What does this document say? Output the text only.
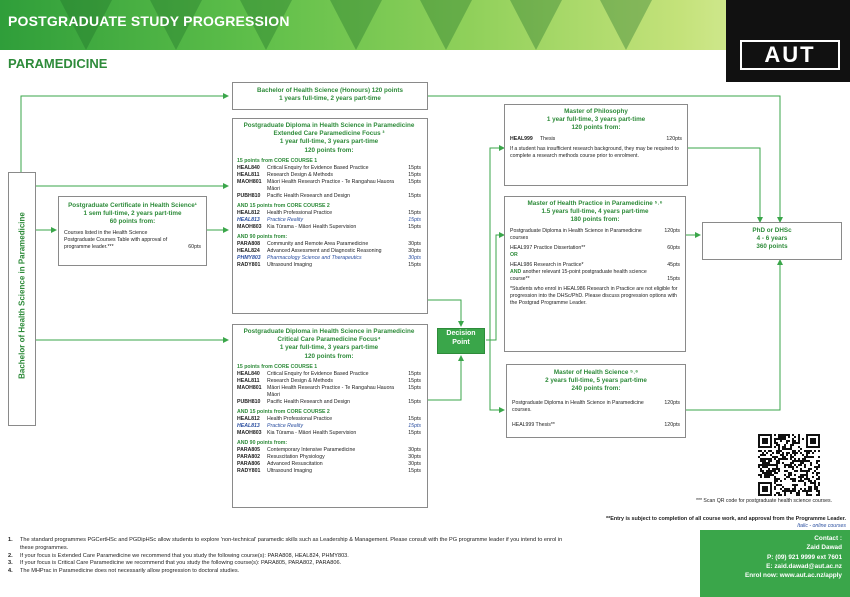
POSTGRADUATE STUDY PROGRESSION
AUT
PARAMEDICINE
Bachelor of Health Science in Paramedicine
Bachelor of Health Science (Honours) 120 points
1 years full-time, 2 years part-time
Postgraduate Certificate in Health Science¹
1 sem full-time, 2 years part-time
60 points from:
Courses listed in the Health Science Postgraduate Courses Table with approval of programme leader.***	60pts
Postgraduate Diploma in Health Science in Paramedicine
Extended Care Paramedicine Focus ³
1 year full-time, 3 years part-time
120 points from:
15 points from CORE COURSE 1
HEAL840	Critical Enquiry for Evidence Based Practice	15pts
HEAL811	Research Design & Methods	15pts
MAOH801	Māori Health Research Practice - Te Rangahau Hauora Māori
15pts
PUBH810	Pacific Health Research and Design	15pts
AND 15 points from CORE COURSE 2
HEAL812	Health Professional Practice	15pts
HEAL813	Practice Reality	15pts
MAOH803	Kia Tūrama - Māori Health Supervision	15pts
AND 90 points from:
PARA808	Community and Remote Area Paramedicine	30pts
HEAL824	Advanced Assessment and Diagnostic Reasoning	30pts
PHMY803	Pharmacology Science and Therapeutics	30pts
RADY801	Ultrasound Imaging	15pts
Postgraduate Diploma in Health Science in Paramedicine
Critical Care Paramedicine Focus⁴
1 year full-time, 3 years part-time
120 points from:
15 points from CORE COURSE 1
HEAL840	Critical Enquiry for Evidence Based Practice	15pts
HEAL811	Research Design & Methods	15pts
MAOH801	Māori Health Research Practice - Te Rangahau Hauora Māori
15pts
PUBH810	Pacific Health Research and Design	15pts
AND 15 points from CORE COURSE 2
HEAL812	Health Professional Practice	15pts
HEAL813	Practice Reality	15pts
MAOH803	Kia Tūrama - Māori Health Supervision	15pts
AND 90 points from:
PARA805	Contemporary Intensive Paramedicine	30pts
PARA802	Resuscitation Physiology	30pts
PARA806	Advanced Resuscitation	30pts
RADY801	Ultrasound Imaging	15pts
Decision Point
Master of Philosophy
1 year full-time, 3 years part-time
120 points from:
HEAL999	Thesis	120pts
If a student has insufficient research background, they may be required to complete a research methods course prior to enrolment.
Master of Health Practice in Paramedicine ⁵˒⁶
1.5 years full-time, 4 years part-time
180 points from:
Postgraduate Diploma in Health Science in Paramedicine courses
120pts
HEAL997 Practice Dissertation**	60pts
OR
HEAL986 Research in Practice*	45pts
AND another relevant 15-point postgraduate health science course**	15pts
*Students who enrol in HEAL986 Research in Practice are not eligible for progression into the DHSc/PhD. Please discuss progression options with the Postgrad Programme Leader.
Master of Health Science ⁵˒⁶
2 years full-time, 5 years part-time
240 points from:
Postgraduate Diploma in Health Science in Paramedicine courses.
120pts
HEAL999 Thesis**	120pts
PhD or DHSc
4 - 6 years
360 points
*** Scan QR code for postgraduate health science courses.
**Entry is subject to completion of all course work, and approval from the Programme Leader.
Italic - online courses
1.	The standard programmes PGCertHSc and PGDipHSc allow students to explore 'non-technical' paramedic skills such as Leadership & Management. Please consult with the PG programme leader if you intend to enrol in these programmes.
2.	If your focus is Extended Care Paramedicine we recommend that you study the following course(s): PARA808, HEAL824, PHMY803.
3.	If your focus is Critical Care Paramedicine we recommend that you study the following course(s): PARA805, PARA802, PARA806.
4.	The MHPrac in Paramedicine does not necessarily allow progression to doctoral studies.
Contact :
Zaid Dawad
P: (09) 921 9999 ext 7601
E: zaid.dawad@aut.ac.nz
Enrol now: www.aut.ac.nz/apply
